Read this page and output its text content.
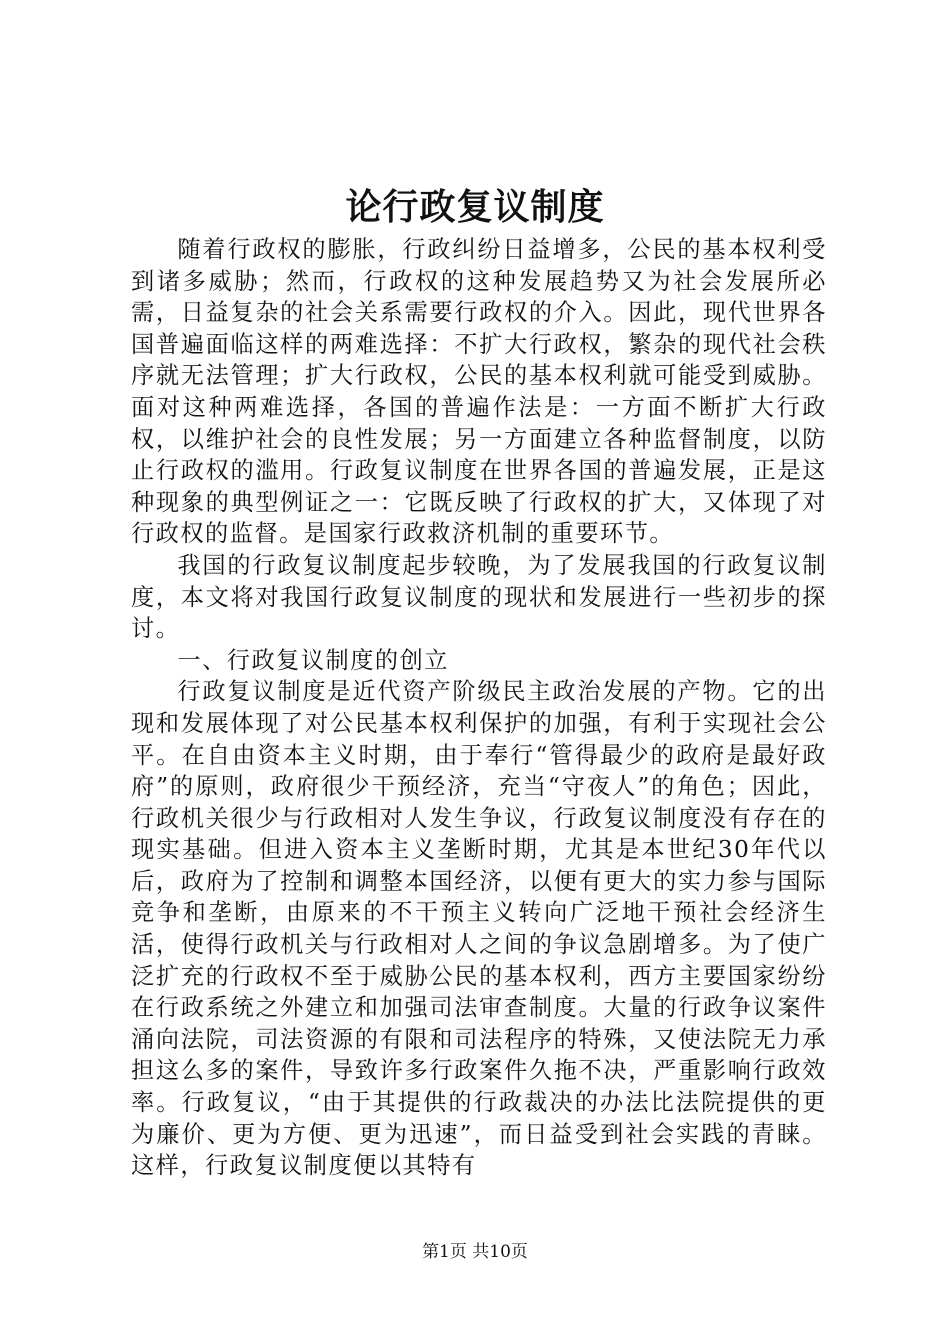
论行政复议制度

随着行政权的膨胀，行政纠纷日益增多，公民的基本权利受到诸多威胁；然而，行政权的这种发展趋势又为社会发展所必需，日益复杂的社会关系需要行政权的介入。因此，现代世界各国普遍面临这样的两难选择：不扩大行政权，繁杂的现代社会秩序就无法管理；扩大行政权，公民的基本权利就可能受到威胁。面对这种两难选择，各国的普遍作法是：一方面不断扩大行政权，以维护社会的良性发展；另一方面建立各种监督制度，以防止行政权的滥用。行政复议制度在世界各国的普遍发展，正是这种现象的典型例证之一：它既反映了行政权的扩大，又体现了对行政权的监督。是国家行政救济机制的重要环节。

我国的行政复议制度起步较晚，为了发展我国的行政复议制度，本文将对我国行政复议制度的现状和发展进行一些初步的探讨。

一、行政复议制度的创立

行政复议制度是近代资产阶级民主政治发展的产物。它的出现和发展体现了对公民基本权利保护的加强，有利于实现社会公平。在自由资本主义时期，由于奉行“管得最少的政府是最好政府”的原则，政府很少干预经济，充当“守夜人”的角色；因此，行政机关很少与行政相对人发生争议，行政复议制度没有存在的现实基础。但进入资本主义垄断时期，尤其是本世纪30年代以后，政府为了控制和调整本国经济，以便有更大的实力参与国际竞争和垄断，由原来的不干预主义转向广泛地干预社会经济生活，使得行政机关与行政相对人之间的争议急剧增多。为了使广泛扩充的行政权不至于威胁公民的基本权利，西方主要国家纷纷在行政系统之外建立和加强司法审查制度。大量的行政争议案件涌向法院，司法资源的有限和司法程序的特殊，又使法院无力承担这么多的案件，导致许多行政案件久拖不决，严重影响行政效率。行政复议，“由于其提供的行政裁决的办法比法院提供的更为廉价、更为方便、更为迅速”，而日益受到社会实践的青睐。这样，行政复议制度便以其特有

第1页 共10页
